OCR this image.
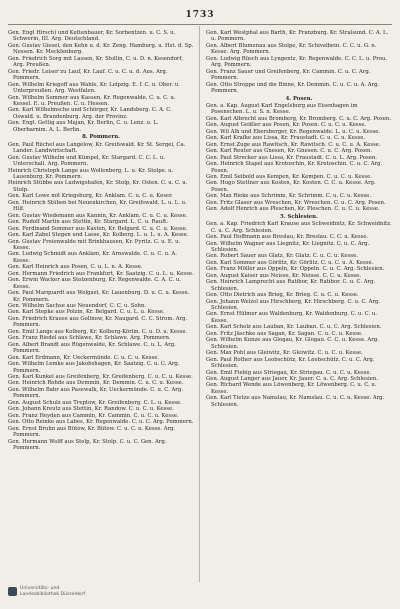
1733
Gen. Engl Hirsch) und Kettenbauer, Kr. Sorbentzen. u. C. S. u. Schwerin, III. Arg. Deutschland.
Gen. Gustav Giesel, den Kehn u. d. Kr. Zeng. Hamburg. u. Hst. d. Sp. Nessen. Kr. Mecklenburg.
Gen. Friedrich Sorg mit Lassen, Kr. Stollin, C. u. D. n. Kesendorf, Arg. Preußen.
Gen. Friedr. Leiser zu Lauf, Kr. Lauf. C. u. C. u. d. Aus. Arg. Pommern.
Gen. Wilhelm Kriegoff aus Wahle, Kr. Leipzig. E. f. C. u. Ober. u. Unterpreußen. Arg. Westfalen.
Gen. Wilhelm Sommer aus Kassen, Kr. Regenwalde. C. u. C. u. Kessel. E. u. Preußen. C. u. Hessen.
Gen. Karl Wilhelmsche und Schörger, Kr. Landsberg. C. A. C. Oswald. u. Brandenburg. Arg. der Provinz.
Gen. Engl. Gettig aus Majan, Kr. Berlin, C. u. Lenz. u. L. Oberbarnim. A. L. Berlin.
8. Pommern.
Gen. Paul Rüchel aus Langelow, Kr. Greifswald. Kr. St. Sergei, Ca. Lander. Landwirtschaft.
Gen. Gustav Wilhelm und Kümpel, Kr. Stargard. C. C. L. u. Unterschall. Arg. Pommern.
Heinrich Christoph Lange aus Wollenberg, L. u. Kr. Stolpe. u. Lauenburg. Kr. Pommern.
Heinrich Stübbe aus Ludwigshafen, Kr. Stolp, Kr. Osten. C. u. C. u. Stolp.
Gen. Karl Lowe mit Kriegsburg, Kr. Anklam. C. u. C. u. Keser.
Gen. Heinrich Stüben bei Neuenkirchen, Kr. Greifswald. L. u. L. u. Hilf.
Gen. Gustav Wiedemann aus Kannin, Kr. Anklam. C. u. C. u. Kesse.
Gen. Rudolf Martin aus Stettin, Kr. Stargard. L. C. u. Rauft.
Gen. Ferdinand Sommer aus Kasten, Kr. Belgard. C. u. C. u. Kesse.
Gen. Karl Zabel Stegen und Lasse, Kr. Kolberg. L. u. L. u. A. Kesse.
Gen. Gustav Freienwalde mit Brinkhausen, Kr. Pyritz. C. u. E. u. Kesse.
Gen. Ludwig Schmidt aus Anklam, Kr. Arnswalde. C. u. C. u. A. Kesse.
Gen. Karl Heinrich aus Posen, C. u. L. n. A. Kesse.
Gen. Hermann Friedrich aus Frankfurt, Kr. Saatzig. C. u. L. u. Kesse.
Gen. Erwin Wacker aus Stolzenburg, Kr. Regenwalde. C. A. C. u. Kesse.
Gen. Paul Marquardt aus Wolgast, Kr. Lauenburg. D. u. C. u. Kesse. Kr. Pommern.
Gen. Wilhelm Sachse aus Neuendorf, C. C. u. Sohn.
Gen. Karl Stepke aus Polzin, Kr. Belgard. C. u. L. u. Kesse.
Gen. Friedrich Krause aus Gollnow, Kr. Naugard. C. C. Strom. Arg. Pommern.
Gen. Emil Lange aus Kolberg, Kr. Kolberg-Körlin. C. u. D. u. Kesse.
Gen. Franz Riedel aus Schlawe, Kr. Schlawe. Arg. Pommern.
Gen. Albert Brandt aus Rügenwalde, Kr. Schlawe. C. u. L. Arg. Pommern.
Gen. Karl Erdmann, Kr. Ueckermünde. C. u. C. u. Kesse.
Gen. Wilhelm Lemke aus Jakobshagen, Kr. Saatzig. C. u. C. Arg. Pommern.
Gen. Karl Kunkel aus Greifenberg, Kr. Greifenberg. C. u. C. u. Kesse.
Gen. Heinrich Rohde aus Demmin, Kr. Demmin. C. u. C. u. Kesse.
Gen. Wilhelm Bahr aus Pasewalk, Kr. Ueckermünde. C. u. C. Arg. Pommern.
Gen. August Schulz aus Treptow, Kr. Greifenberg. C. L. u. Kesse.
Gen. Johann Kreutz aus Stettin, Kr. Randow. C. u. C. u. Kesse.
Gen. Franz Heyden aus Cammin, Kr. Cammin. C. u. C. u. Kesse.
Gen. Otto Reinke aus Labes, Kr. Regenwalde. C. u. C. Arg. Pommern.
Gen. Ernst Bruhn aus Bütow, Kr. Bütow. C. u. C. u. Kesse. Arg. Pommern.
Gen. Hermann Wolff aus Stolp, Kr. Stolp. C. u. C. Gen. Arg. Pommern.
Gen. Karl Westphal aus Barth, Kr. Franzburg. Kr. Stralsund. C. A. L. u. Pommern.
Gen. Albert Blumenau aus Stolpe, Kr. Schivelbein. C. C. u. G. n. Kesse. Arg. Pommern.
Gen. Ludwig Rüsch aus Lyngentz, Kr. Regenwalde. C. C. L. u. Prou. Arg. Pommern.
Gen. Franz Sauer und Greifenberg, Kr. Cammin. C. u. C. Arg. Pommern.
Gen. Otto Stroppe und die Binne, Kr. Demmin. C. u. C. u. A. Arg. Pommern.
4. Posen.
Gen. a. Kap. August Karl Engelsburg aus Eisenhagen im Posenschen. L. u. S. n. Kesse.
Gen. Karl Albrecht aus Bromberg, Kr. Bromberg. C. u. C. Arg. Posen.
Gen. August Geißler aus Posen, Kr. Posen. C. u. C. u. Kesse.
Gen. Wil Alh und Ebersberger, Kr. Regenwalde. L. u. C. u. Kesse.
Gen. Karl Krafke aus Lissa, Kr. Fraustadt. C. u. C. u. Kesse.
Gen. Ernst Zuge aus Rawitsch, Kr. Rawitsch. C. u. C. u. A. Kesse.
Gen. Karl Reuter aus Gnesen, Kr. Gnesen. C. u. C. Arg. Posen.
Gen. Paul Strecker aus Lissa, Kr. Fraustadt. C. u. L. Arg. Posen.
Gen. Heinrich Stapel aus Krotoschin, Kr. Krotoschin. C. u. C. Arg. Posen.
Gen. Emil Seibold aus Kempen, Kr. Kempen. C. u. C. u. Kesse.
Gen. Hugo Stettner aus Kosten, Kr. Kosten. C. C. u. Kesse. Arg. Posen.
Gen. Max Rieke aus Schrimm, Kr. Schrimm. C. u. C. u. Kesse.
Gen. Fritz Glaser aus Wreschen, Kr. Wreschen. C. u. C. Arg. Posen.
Gen. Adolf Henrich aus Pleschen, Kr. Pleschen. C. u. C. u. Kesse.
5. Schlesien.
Gen. a. Kap. Friedrich Karl Krause aus Schweidnitz, Kr. Schweidnitz. C. u. C. Arg. Schlesien.
Gen. Paul Hoffmann aus Breslau, Kr. Breslau. C. C. u. Kesse.
Gen. Wilhelm Wagner aus Liegnitz, Kr. Liegnitz. C. u. C. Arg. Schlesien.
Gen. Robert Sauer aus Glatz, Kr. Glatz. C. u. C. u. Kesse.
Gen. Karl Sommer aus Görlitz, Kr. Görlitz. C. u. C. u. A. Kesse.
Gen. Franz Möller aus Oppeln, Kr. Oppeln. C. u. C. Arg. Schlesien.
Gen. August Kaiser aus Neisse, Kr. Neisse. C. C. u. Kesse.
Gen. Heinrich Lamprecht aus Ratibor, Kr. Ratibor. C. u. C. Arg. Schlesien.
Gen. Otto Dietrich aus Brieg, Kr. Brieg. C. u. C. u. Kesse.
Gen. Johann Welzel aus Hirschberg, Kr. Hirschberg. C. u. C. Arg. Schlesien.
Gen. Ernst Hübner aus Waldenburg, Kr. Waldenburg. C. u. C. u. Kesse.
Gen. Karl Scholz aus Lauban, Kr. Lauban. C. u. C. Arg. Schlesien.
Gen. Fritz Jäschke aus Sagan, Kr. Sagan. C. u. C. u. Kesse.
Gen. Wilhelm Kunze aus Glogau, Kr. Glogau. C. C. u. Kesse. Arg. Schlesien.
Gen. Max Pohl aus Gleiwitz, Kr. Gleiwitz. C. u. C. u. Kesse.
Gen. Paul Rother aus Leobschütz, Kr. Leobschütz. C. u. C. Arg. Schlesien.
Gen. Emil Fiebig aus Striegau, Kr. Striegau. C. u. C. u. Kesse.
Gen. August Langer aus Jauer, Kr. Jauer. C. u. C. Arg. Schlesien.
Gen. Richard Wende aus Löwenberg, Kr. Löwenberg. C. u. C. u. Kesse.
Gen. Karl Tietze aus Namslau, Kr. Namslau. C. u. C. u. Kesse. Arg. Schlesien.
Universitäts- und
Landesbibliothek Düsseldorf
